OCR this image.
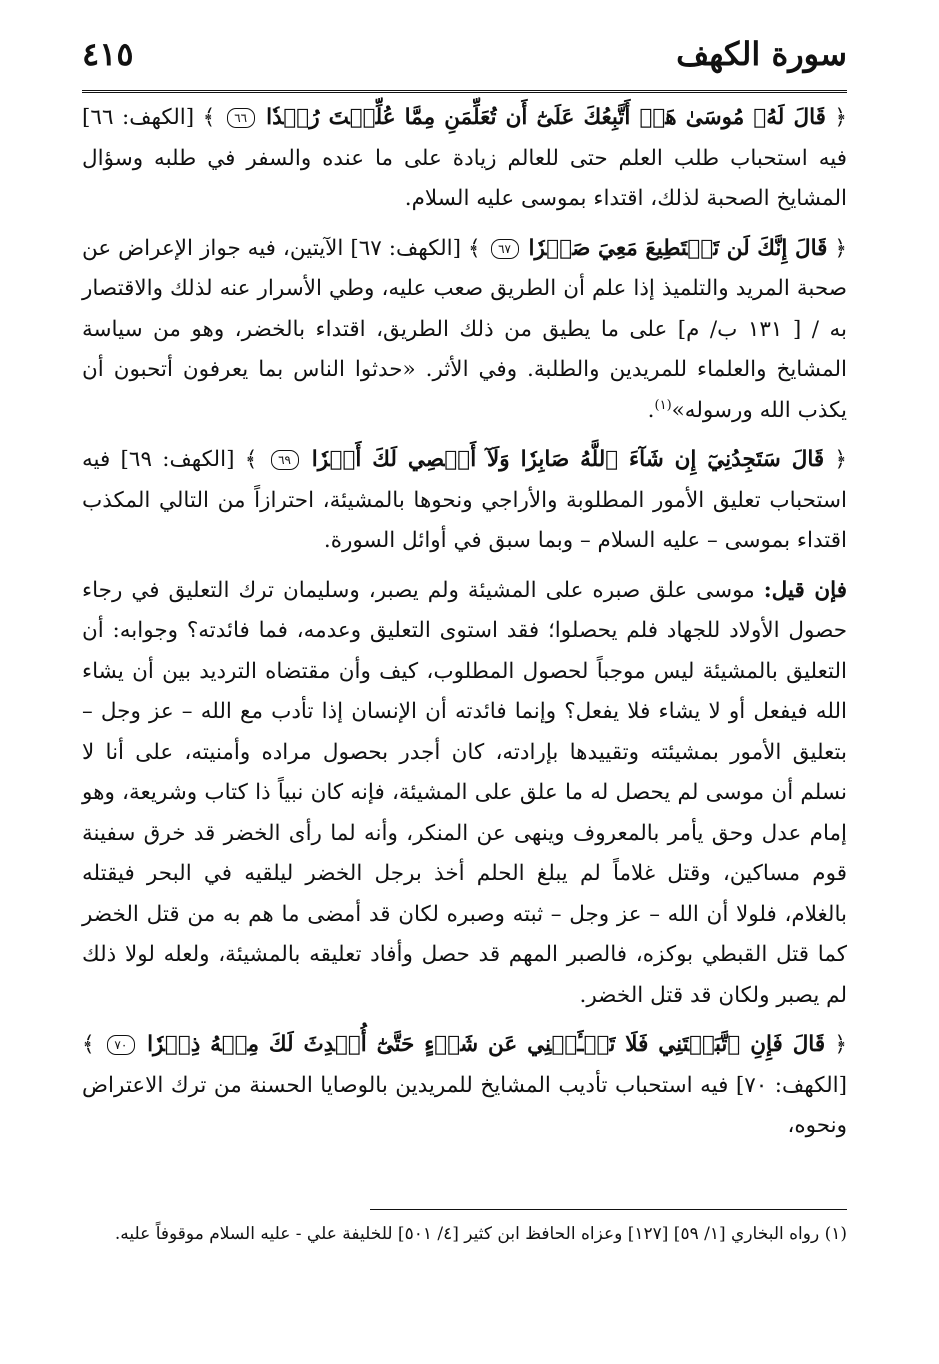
سورة الكهف
٤١٥

﴿ قَالَ لَهُۥ مُوسَىٰ هَلۡ أَتَّبِعُكَ عَلَىٰٓ أَن تُعَلِّمَنِ مِمَّا عُلِّمۡتَ رُشۡدٗا ٦٦ ﴾ [الكهف: ٦٦] فيه استحباب طلب العلم حتى للعالم زيادة على ما عنده والسفر في طلبه وسؤال المشايخ الصحبة لذلك، اقتداء بموسى عليه السلام.

﴿ قَالَ إِنَّكَ لَن تَسۡتَطِيعَ مَعِيَ صَبۡرٗا ٦٧ ﴾ [الكهف: ٦٧] الآيتين، فيه جواز الإعراض عن صحبة المريد والتلميذ إذا علم أن الطريق صعب عليه، وطي الأسرار عنه لذلك والاقتصار به / [ ١٣١ ب/ م] على ما يطيق من ذلك الطريق، اقتداء بالخضر، وهو من سياسة المشايخ والعلماء للمريدين والطلبة. وفي الأثر. «حدثوا الناس بما يعرفون أتحبون أن يكذب الله ورسوله»$^{(١)}$.

﴿ قَالَ سَتَجِدُنِيٓ إِن شَآءَ ٱللَّهُ صَابِرٗا وَلَآ أَعۡصِي لَكَ أَمۡرٗا ٦٩ ﴾ [الكهف: ٦٩] فيه استحباب تعليق الأمور المطلوبة والأراجي ونحوها بالمشيئة، احترازاً من التالي المكذب اقتداء بموسى – عليه السلام – وبما سبق في أوائل السورة.

فإن قيل: موسى علق صبره على المشيئة ولم يصبر، وسليمان ترك التعليق في رجاء حصول الأولاد للجهاد فلم يحصلوا؛ فقد استوى التعليق وعدمه، فما فائدته؟ وجوابه: أن التعليق بالمشيئة ليس موجباً لحصول المطلوب، كيف وأن مقتضاه الترديد بين أن يشاء الله فيفعل أو لا يشاء فلا يفعل؟ وإنما فائدته أن الإنسان إذا تأدب مع الله – عز وجل – بتعليق الأمور بمشيئته وتقييدها بإرادته، كان أجدر بحصول مراده وأمنيته، على أنا لا نسلم أن موسى لم يحصل له ما علق على المشيئة، فإنه كان نبياً ذا كتاب وشريعة، وهو إمام عدل وحق يأمر بالمعروف وينهى عن المنكر، وأنه لما رأى الخضر قد خرق سفينة قوم مساكين، وقتل غلاماً لم يبلغ الحلم أخذ برجل الخضر ليلقيه في البحر فيقتله بالغلام، فلولا أن الله – عز وجل – ثبته وصبره لكان قد أمضى ما هم به من قتل الخضر كما قتل القبطي بوكزه، فالصبر المهم قد حصل وأفاد تعليقه بالمشيئة، ولعله لولا ذلك لم يصبر ولكان قد قتل الخضر.

﴿ قَالَ فَإِنِ ٱتَّبَعۡتَنِي فَلَا تَسۡـَٔلۡنِي عَن شَيۡءٍ حَتَّىٰٓ أُحۡدِثَ لَكَ مِنۡهُ ذِكۡرٗا ٧٠ ﴾ [الكهف: ٧٠] فيه استحباب تأديب المشايخ للمريدين بالوصايا الحسنة من ترك الاعتراض ونحوه،

(١) رواه البخاري [١/ ٥٩] [١٢٧] وعزاه الحافظ ابن كثير [٤/ ٥٠١] للخليفة علي - عليه السلام موقوفاً عليه.
